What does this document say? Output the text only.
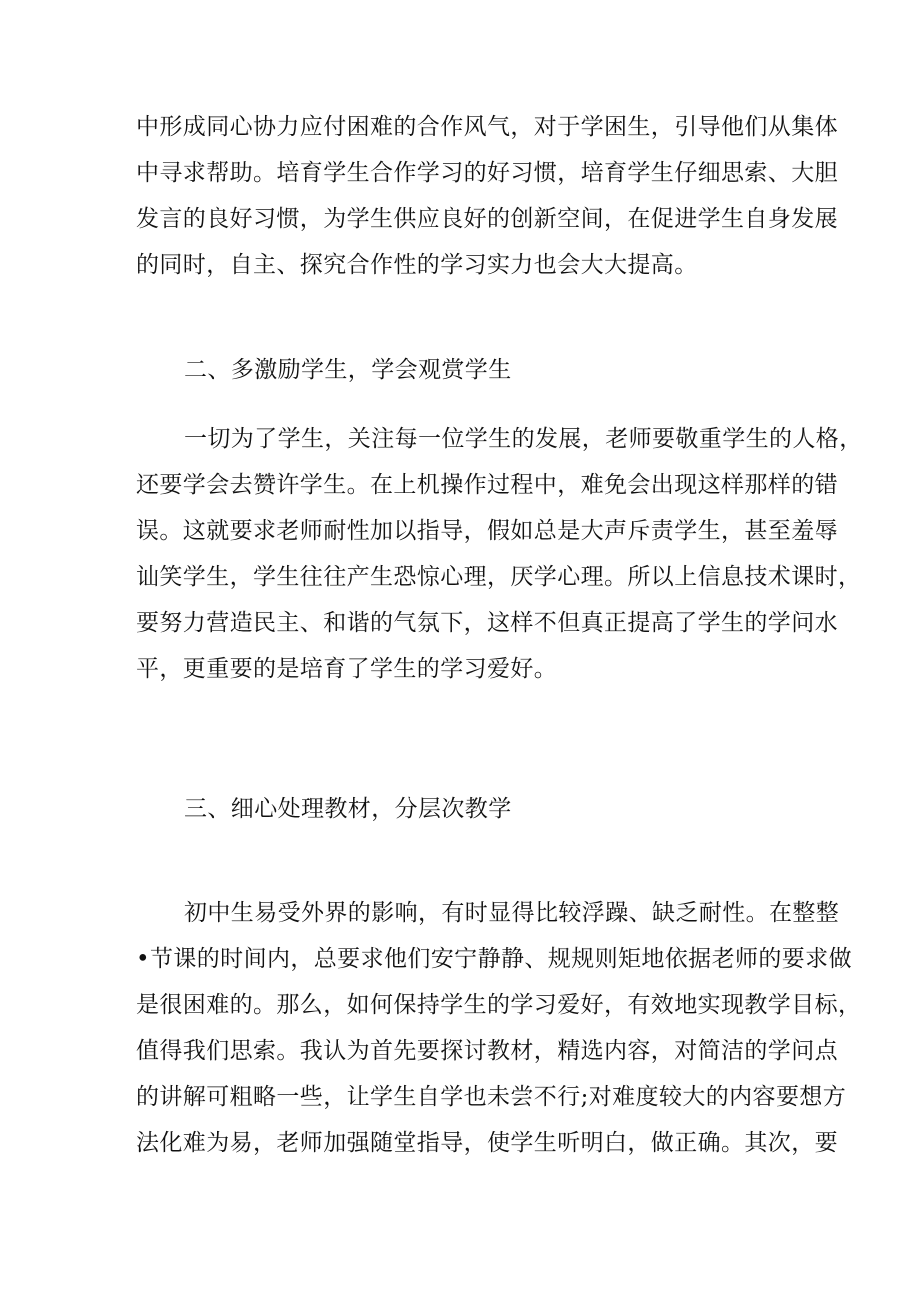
中形成同心协力应付困难的合作风气，对于学困生，引导他们从集体
中寻求帮助。培育学生合作学习的好习惯，培育学生仔细思索、大胆
发言的良好习惯，为学生供应良好的创新空间，在促进学生自身发展
的同时，自主、探究合作性的学习实力也会大大提高。
二、多激励学生，学会观赏学生
一切为了学生，关注每一位学生的发展，老师要敬重学生的人格，
还要学会去赞许学生。在上机操作过程中，难免会出现这样那样的错
误。这就要求老师耐性加以指导，假如总是大声斥责学生，甚至羞辱
讪笑学生，学生往往产生恐惊心理，厌学心理。所以上信息技术课时，
要努力营造民主、和谐的气氛下，这样不但真正提高了学生的学问水
平，更重要的是培育了学生的学习爱好。
三、细心处理教材，分层次教学
初中生易受外界的影响，有时显得比较浮躁、缺乏耐性。在整整
•节课的时间内，总要求他们安宁静静、规规则矩地依据老师的要求做
是很困难的。那么，如何保持学生的学习爱好，有效地实现教学目标，
值得我们思索。我认为首先要探讨教材，精选内容，对简洁的学问点
的讲解可粗略一些，让学生自学也未尝不行;对难度较大的内容要想方
法化难为易，老师加强随堂指导，使学生听明白，做正确。其次，要
